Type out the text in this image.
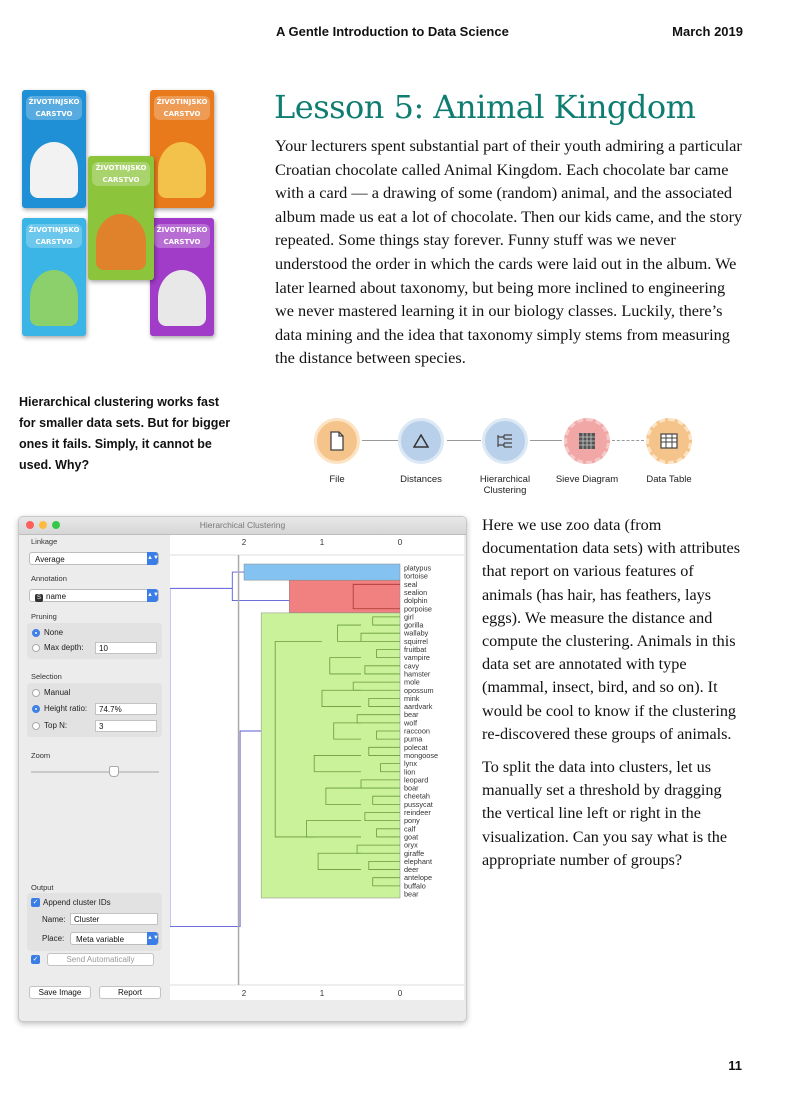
A Gentle Introduction to Data Science	March 2019
ŽIVOTINJSKO CARSTVO
ŽIVOTINJSKO CARSTVO
ŽIVOTINJSKO CARSTVO
ŽIVOTINJSKO CARSTVO
ŽIVOTINJSKO CARSTVO
Lesson 5: Animal Kingdom

Your lecturers spent substantial part of their youth admiring a particular Croatian chocolate called Animal Kingdom. Each chocolate bar came with a card — a drawing of some (random) animal, and the associated album made us eat a lot of chocolate. Then our kids came, and the story repeated. Some things stay forever. Funny stuff was we never understood the order in which the cards were laid out in the album. We later learned about taxonomy, but being more inclined to engineering we never mastered learning it in our biology classes. Luckily, there’s data mining and the idea that taxonomy simply stems from measuring the distance between species.

Hierarchical clustering works fast for smaller data sets. But for bigger ones it fails. Simply, it cannot be used. Why?

File	Distances	Hierarchical Clustering
Sieve Diagram	Data Table
Hierarchical Clustering
Linkage
Average	▲▼
Annotation
S name	▲▼
Pruning
None
Max depth:	10
Selection
Manual
Height ratio:	74.7%
Top N:	3
Zoom
Output
✓ Append cluster IDs
Name:	Cluster
Place:	Meta variable	▲▼
✓	Send Automatically
Save Image	Report
2
2
1
1
0
0
platypus
tortoise
seal
sealion
dolphin
porpoise
girl
gorilla
wallaby
squirrel
fruitbat
vampire
cavy
hamster
mole
opossum
mink
aardvark
bear
wolf
raccoon
puma
polecat
mongoose
lynx
lion
leopard
boar
cheetah
pussycat
reindeer
pony
calf
goat
oryx
giraffe
elephant
deer
antelope
buffalo
bear

Here we use zoo data (from documentation data sets) with attributes that report on various features of animals (has hair, has feathers, lays eggs). We measure the distance and compute the clustering. Animals in this data set are annotated with type (mammal, insect, bird, and so on). It would be cool to know if the clustering re-discovered these groups of animals.

To split the data into clusters, let us manually set a threshold by dragging the vertical line left or right in the visualization. Can you say what is the appropriate number of groups?

11
